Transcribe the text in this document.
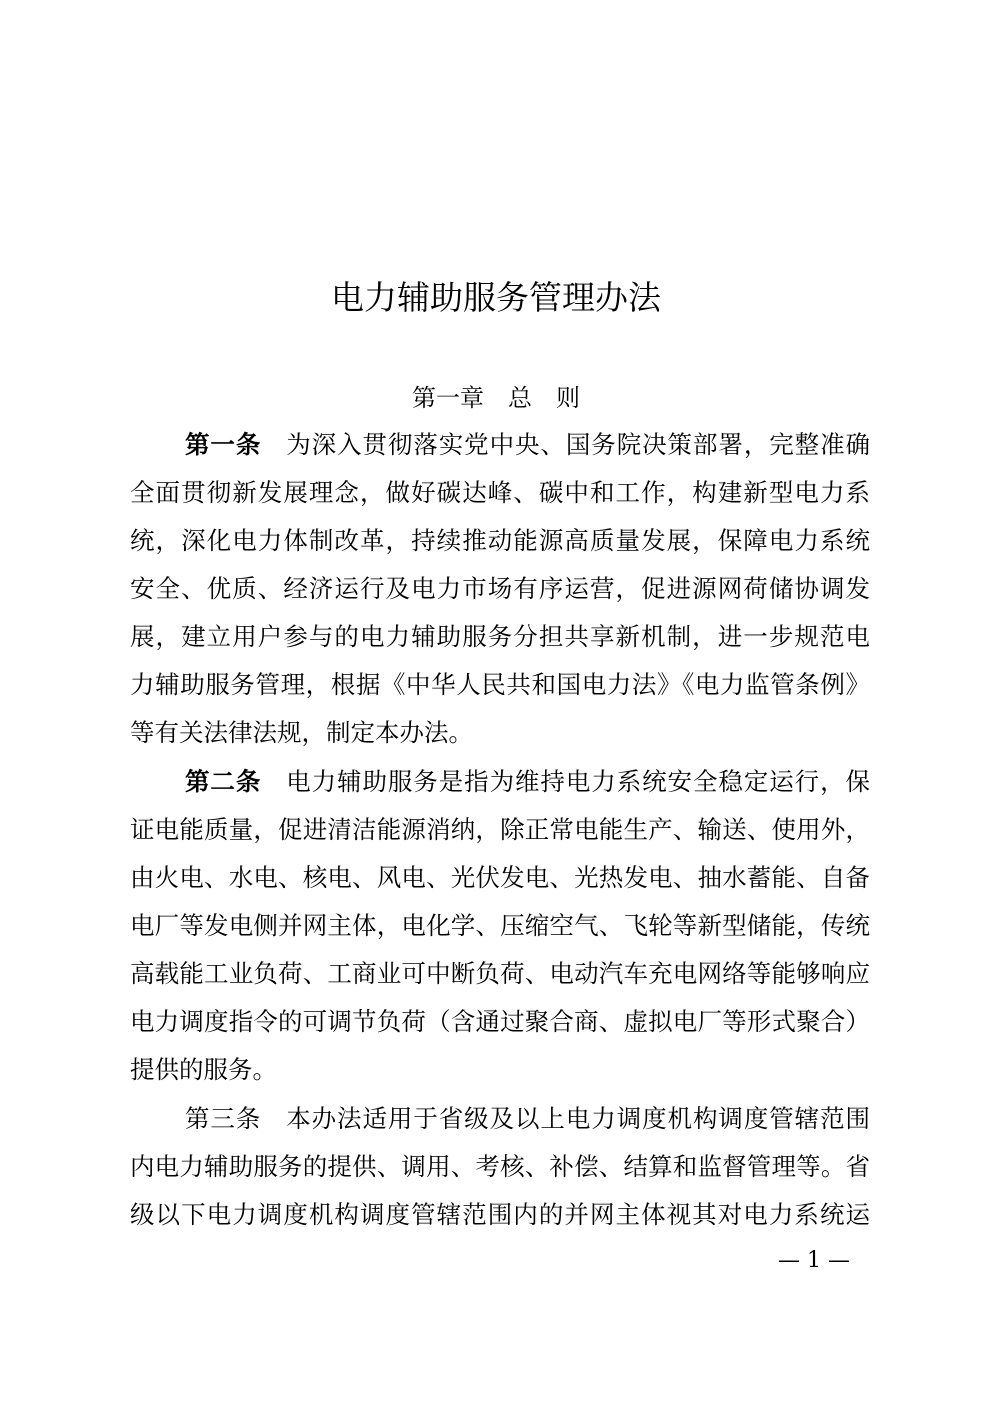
电力辅助服务管理办法
第一章　总　则
第一条 为深入贯彻落实党中央、国务院决策部署，完整准确
全面贯彻新发展理念，做好碳达峰、碳中和工作，构建新型电力系
统，深化电力体制改革，持续推动能源高质量发展，保障电力系统
安全、优质、经济运行及电力市场有序运营，促进源网荷储协调发
展，建立用户参与的电力辅助服务分担共享新机制，进一步规范电
力辅助服务管理，根据《中华人民共和国电力法》《电力监管条例》
等有关法律法规，制定本办法。
第二条 电力辅助服务是指为维持电力系统安全稳定运行，保
证电能质量，促进清洁能源消纳，除正常电能生产、输送、使用外，
由火电、水电、核电、风电、光伏发电、光热发电、抽水蓄能、自备
电厂等发电侧并网主体，电化学、压缩空气、飞轮等新型储能，传统
高载能工业负荷、工商业可中断负荷、电动汽车充电网络等能够响应
电力调度指令的可调节负荷（含通过聚合商、虚拟电厂等形式聚合）
提供的服务。
第三条 本办法适用于省级及以上电力调度机构调度管辖范围
内电力辅助服务的提供、调用、考核、补偿、结算和监督管理等。省
级以下电力调度机构调度管辖范围内的并网主体视其对电力系统运
— 1 —
